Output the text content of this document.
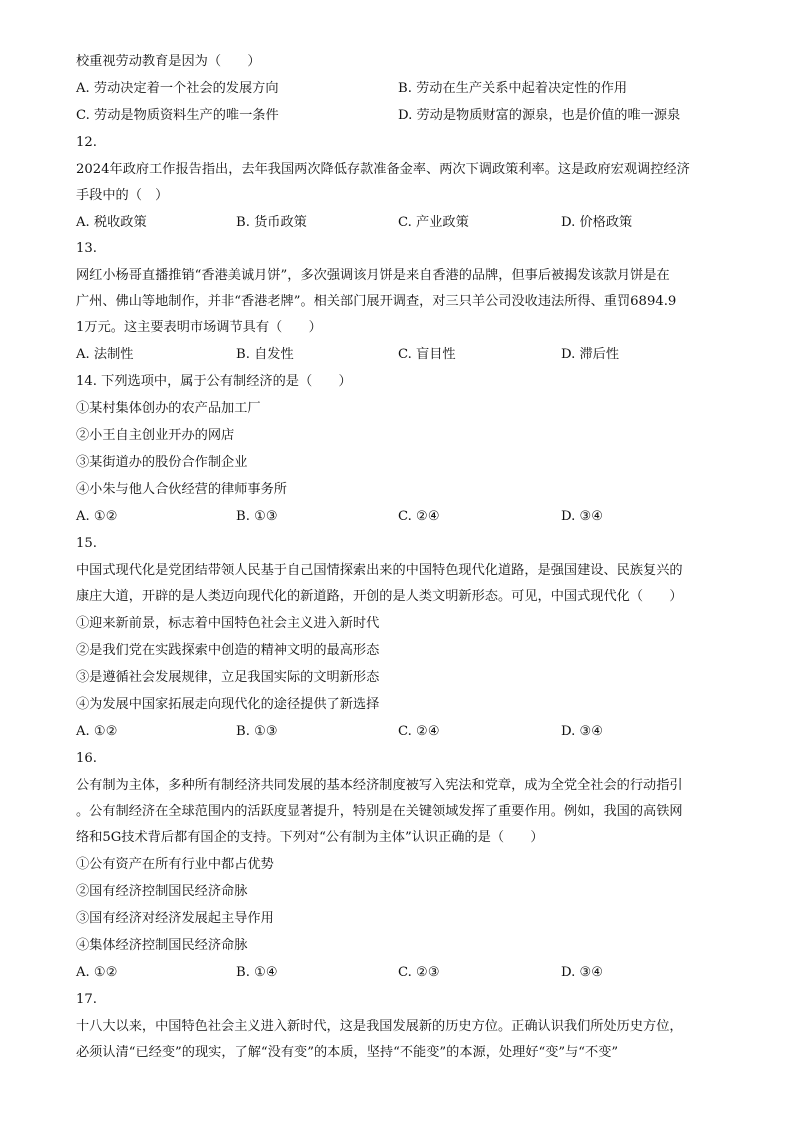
校重视劳动教育是因为（　　）
A. 劳动决定着一个社会的发展方向	B. 劳动在生产关系中起着决定性的作用
C. 劳动是物质资料生产的唯一条件	D. 劳动是物质财富的源泉，也是价值的唯一源泉
12.
2024年政府工作报告指出，去年我国两次降低存款准备金率、两次下调政策利率。这是政府宏观调控经济
手段中的（　）
A. 税收政策	B. 货币政策	C. 产业政策	D. 价格政策
13.
网红小杨哥直播推销“香港美诚月饼”，多次强调该月饼是来自香港的品牌，但事后被揭发该款月饼是在
广州、佛山等地制作，并非“香港老牌”。相关部门展开调查，对三只羊公司没收违法所得、重罚6894.9
1万元。这主要表明市场调节具有（　　）
A. 法制性	B. 自发性	C. 盲目性	D. 滞后性
14. 下列选项中，属于公有制经济的是（　　）
①某村集体创办的农产品加工厂
②小王自主创业开办的网店
③某街道办的股份合作制企业
④小朱与他人合伙经营的律师事务所
A. ①②	B. ①③	C. ②④	D. ③④
15.
中国式现代化是党团结带领人民基于自己国情探索出来的中国特色现代化道路，是强国建设、民族复兴的
康庄大道，开辟的是人类迈向现代化的新道路，开创的是人类文明新形态。可见，中国式现代化（　　）
①迎来新前景，标志着中国特色社会主义进入新时代
②是我们党在实践探索中创造的精神文明的最高形态
③是遵循社会发展规律，立足我国实际的文明新形态
④为发展中国家拓展走向现代化的途径提供了新选择
A. ①②	B. ①③	C. ②④	D. ③④
16.
公有制为主体，多种所有制经济共同发展的基本经济制度被写入宪法和党章，成为全党全社会的行动指引
。公有制经济在全球范围内的活跃度显著提升，特别是在关键领域发挥了重要作用。例如，我国的高铁网
络和5G技术背后都有国企的支持。下列对“公有制为主体”认识正确的是（　　）
①公有资产在所有行业中都占优势
②国有经济控制国民经济命脉
③国有经济对经济发展起主导作用
④集体经济控制国民经济命脉
A. ①②	B. ①④	C. ②③	D. ③④
17.
十八大以来，中国特色社会主义进入新时代，这是我国发展新的历史方位。正确认识我们所处历史方位，
必须认清“已经变”的现实，了解“没有变”的本质，坚持“不能变”的本源，处理好“变”与“不变”
